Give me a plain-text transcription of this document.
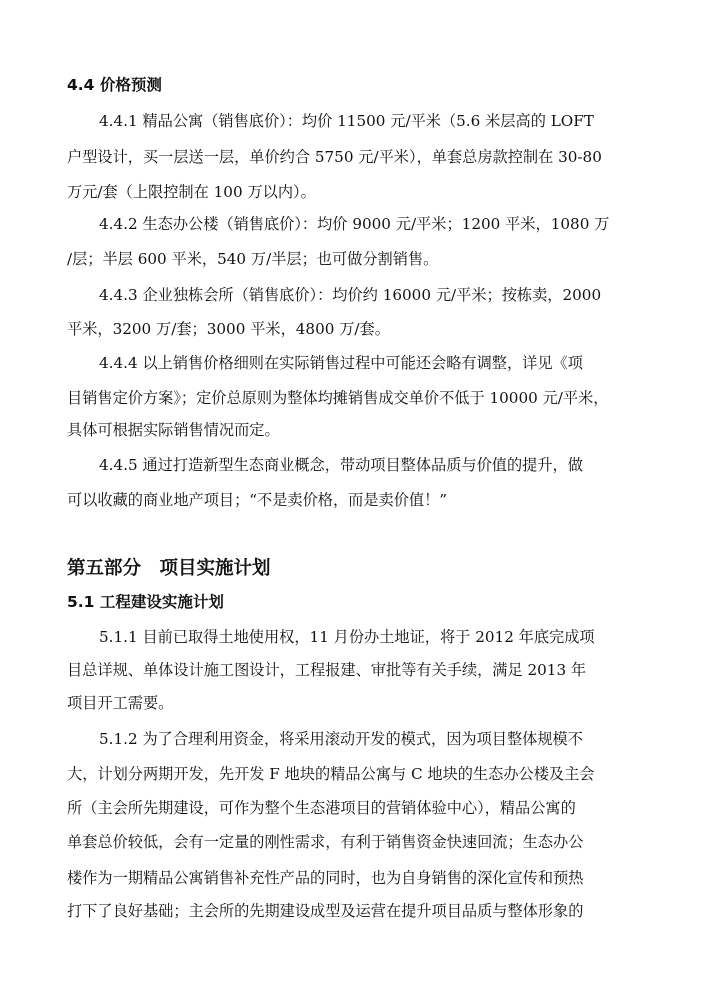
4.4 价格预测
4.4.1 精品公寓（销售底价）：均价 11500 元/平米（5.6 米层高的 LOFT
户型设计，买一层送一层，单价约合 5750 元/平米），单套总房款控制在 30-80
万元/套（上限控制在 100 万以内）。
4.4.2 生态办公楼（销售底价）：均价 9000 元/平米；1200 平米，1080 万
/层；半层 600 平米，540 万/半层；也可做分割销售。
4.4.3 企业独栋会所（销售底价）：均价约 16000 元/平米；按栋卖，2000
平米，3200 万/套；3000 平米，4800 万/套。
4.4.4 以上销售价格细则在实际销售过程中可能还会略有调整，详见《项
目销售定价方案》；定价总原则为整体均摊销售成交单价不低于 10000 元/平米，
具体可根据实际销售情况而定。
4.4.5 通过打造新型生态商业概念，带动项目整体品质与价值的提升，做
可以收藏的商业地产项目；“不是卖价格，而是卖价值！”
第五部分　项目实施计划
5.1 工程建设实施计划
5.1.1 目前已取得土地使用权，11 月份办土地证，将于 2012 年底完成项
目总详规、单体设计施工图设计，工程报建、审批等有关手续，满足 2013 年
项目开工需要。
5.1.2 为了合理利用资金，将采用滚动开发的模式，因为项目整体规模不
大，计划分两期开发，先开发 F 地块的精品公寓与 C 地块的生态办公楼及主会
所（主会所先期建设，可作为整个生态港项目的营销体验中心），精品公寓的
单套总价较低，会有一定量的刚性需求，有利于销售资金快速回流；生态办公
楼作为一期精品公寓销售补充性产品的同时，也为自身销售的深化宣传和预热
打下了良好基础；主会所的先期建设成型及运营在提升项目品质与整体形象的
